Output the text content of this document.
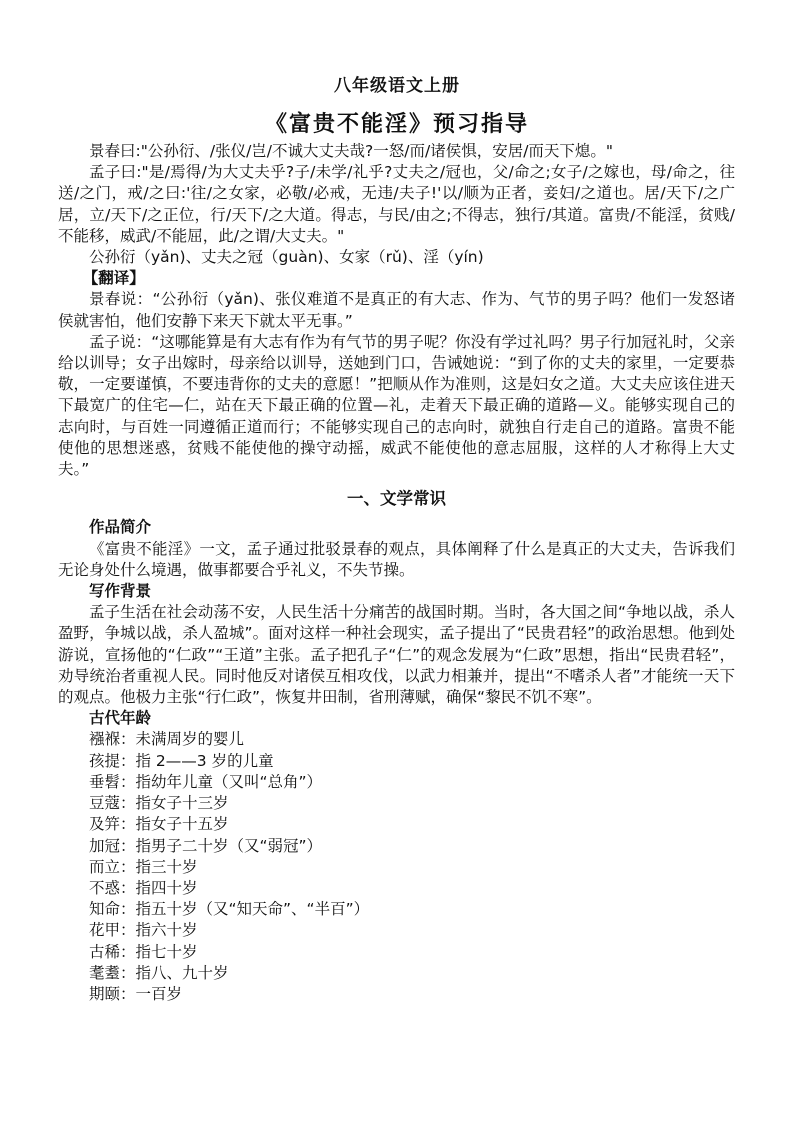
八年级语文上册
《富贵不能淫》预习指导

景春曰:"公孙衍、/张仪/岂/不诚大丈夫哉?一怒/而/诸侯惧，安居/而天下熄。"

孟子曰:"是/焉得/为大丈夫乎?子/未学/礼乎?丈夫之/冠也，父/命之;女子/之嫁也，母/命之，往送/之门，戒/之曰:'往/之女家，必敬/必戒，无违/夫子!'以/顺为正者，妾妇/之道也。居/天下/之广居，立/天下/之正位，行/天下/之大道。得志，与民/由之;不得志，独行/其道。富贵/不能淫，贫贱/不能移，威武/不能屈，此/之谓/大丈夫。"

公孙衍（yǎn)、丈夫之冠（guàn)、女家（rǔ)、淫（yín)

【翻译】

景春说：“公孙衍（yǎn)、张仪难道不是真正的有大志、作为、气节的男子吗？他们一发怒诸侯就害怕，他们安静下来天下就太平无事。”

孟子说：“这哪能算是有大志有作为有气节的男子呢？你没有学过礼吗？男子行加冠礼时，父亲给以训导；女子出嫁时，母亲给以训导，送她到门口，告诫她说：“到了你的丈夫的家里，一定要恭敬，一定要谨慎，不要违背你的丈夫的意愿！”把顺从作为准则，这是妇女之道。大丈夫应该住进天下最宽广的住宅—仁，站在天下最正确的位置—礼，走着天下最正确的道路—义。能够实现自己的志向时，与百姓一同遵循正道而行；不能够实现自己的志向时，就独自行走自己的道路。富贵不能使他的思想迷惑，贫贱不能使他的操守动摇，威武不能使他的意志屈服，这样的人才称得上大丈夫。”

一、文学常识
作品简介

《富贵不能淫》一文，孟子通过批驳景春的观点，具体阐释了什么是真正的大丈夫，告诉我们无论身处什么境遇，做事都要合乎礼义，不失节操。

写作背景

孟子生活在社会动荡不安，人民生活十分痛苦的战国时期。当时，各大国之间“争地以战，杀人盈野，争城以战，杀人盈城”。面对这样一种社会现实，孟子提出了“民贵君轻”的政治思想。他到处游说，宣扬他的“仁政”“王道”主张。孟子把孔子“仁”的观念发展为“仁政”思想，指出“民贵君轻”，劝导统治者重视人民。同时他反对诸侯互相攻伐，以武力相兼并，提出“不嗜杀人者”才能统一天下的观点。他极力主张“行仁政”，恢复井田制，省刑薄赋，确保“黎民不饥不寒”。

古代年龄
襁褓：未满周岁的婴儿
孩提：指 2——3 岁的儿童
垂髫：指幼年儿童（又叫“总角”）
豆蔻：指女子十三岁
及笄：指女子十五岁
加冠：指男子二十岁（又“弱冠”）
而立：指三十岁
不惑：指四十岁
知命：指五十岁（又“知天命”、“半百”）
花甲：指六十岁
古稀：指七十岁
耄耋：指八、九十岁
期颐：一百岁
